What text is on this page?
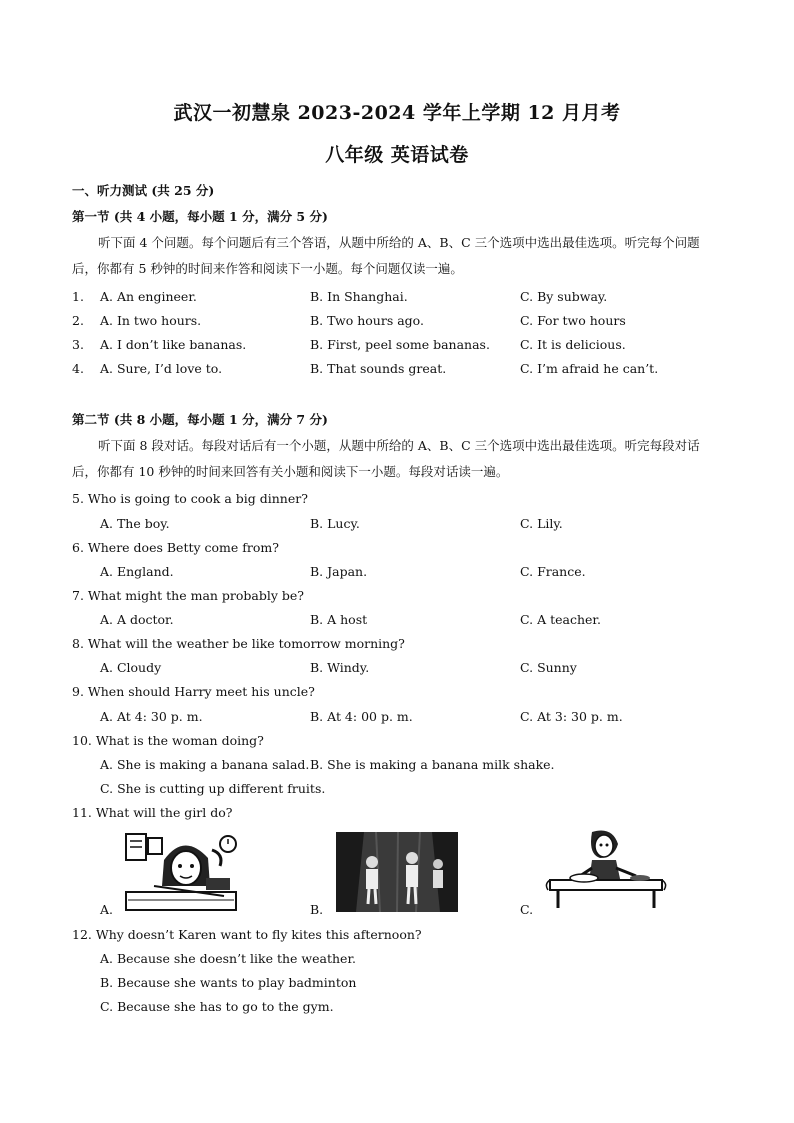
武汉一初慧泉 2023-2024 学年上学期 12 月月考
八年级 英语试卷
一、听力测试 (共 25 分)
第一节 (共 4 小题，每小题 1 分，满分 5 分)
听下面 4 个问题。每个问题后有三个答语，从题中所给的 A、B、C 三个选项中选出最佳选项。听完每个问题后，你都有 5 秒钟的时间来作答和阅读下一小题。每个问题仅读一遍。
1. A. An engineer.	B. In Shanghai.	C. By subway.
2. A. In two hours.	B. Two hours ago.	C. For two hours
3. A. I don’t like bananas.	B. First, peel some bananas. C. It is delicious.
4. A. Sure, I’d love to.	B. That sounds great.	C. I’m afraid he can’t.
第二节 (共 8 小题，每小题 1 分，满分 7 分)
听下面 8 段对话。每段对话后有一个小题，从题中所给的 A、B、C 三个选项中选出最佳选项。听完每段对话后，你都有 10 秒钟的时间来回答有关小题和阅读下一小题。每段对话读一遍。
5. Who is going to cook a big dinner?
A. The boy.	B. Lucy.	C. Lily.
6. Where does Betty come from?
A. England.	B. Japan.	C. France.
7. What might the man probably be?
A. A doctor.	B. A host	C. A teacher.
8. What will the weather be like tomorrow morning?
A. Cloudy	B. Windy.	C. Sunny
9. When should Harry meet his uncle?
A. At 4: 30 p. m.	B. At 4: 00 p. m.	C. At 3: 30 p. m.
10. What is the woman doing?
A. She is making a banana salad. B. She is making a banana milk shake.
C. She is cutting up different fruits.
11. What will the girl do?
A.	B.	C.
12. Why doesn’t Karen want to fly kites this afternoon?
A. Because she doesn’t like the weather.
B. Because she wants to play badminton
C. Because she has to go to the gym.
